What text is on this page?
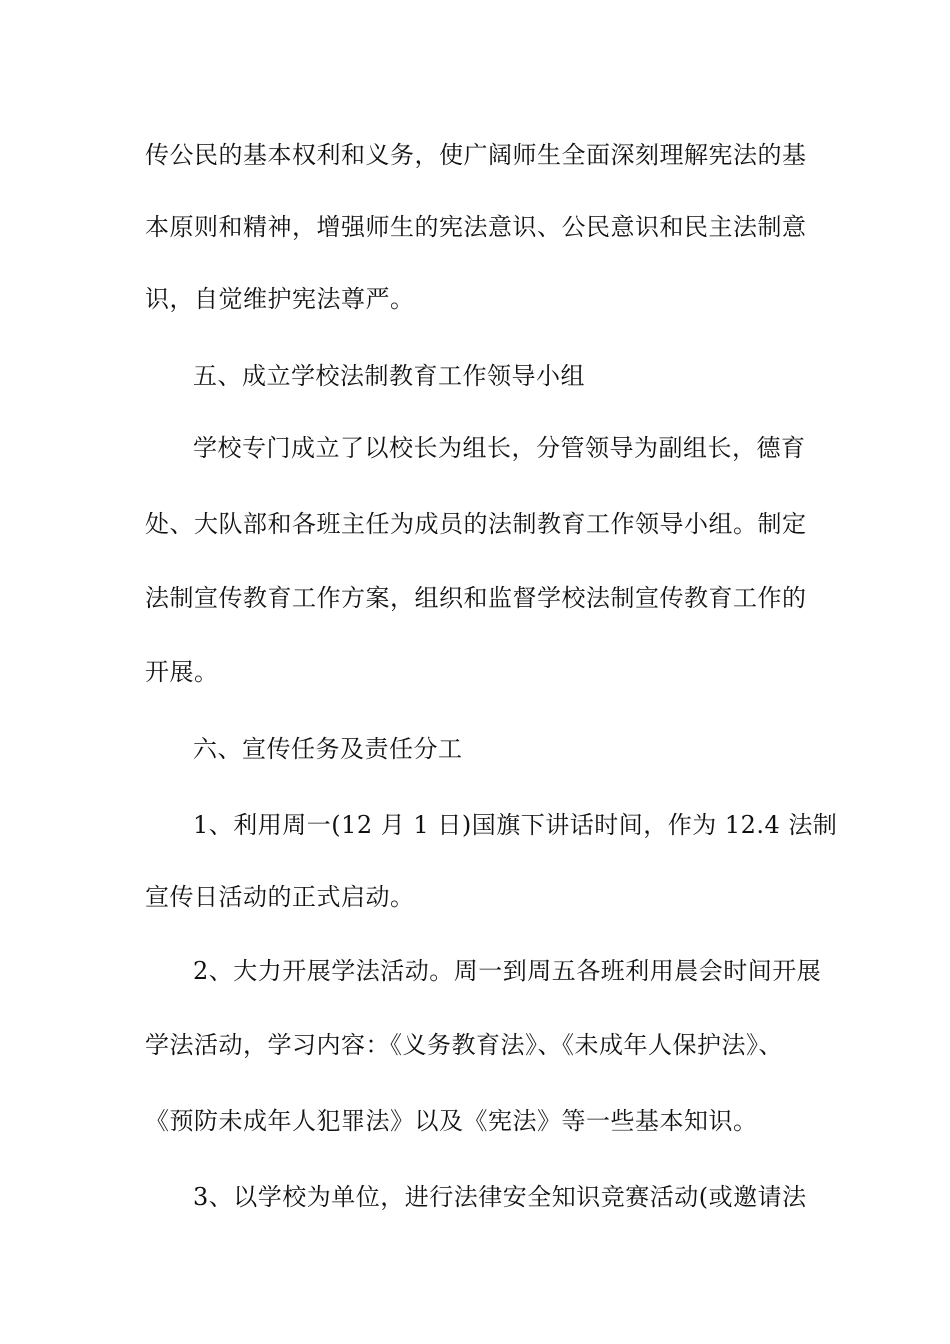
传公民的基本权利和义务，使广阔师生全面深刻理解宪法的基
本原则和精神，增强师生的宪法意识、公民意识和民主法制意
识，自觉维护宪法尊严。
五、成立学校法制教育工作领导小组
学校专门成立了以校长为组长，分管领导为副组长，德育
处、大队部和各班主任为成员的法制教育工作领导小组。制定
法制宣传教育工作方案，组织和监督学校法制宣传教育工作的
开展。
六、宣传任务及责任分工
1、利用周一(12 月 1 日)国旗下讲话时间，作为 12.4 法制
宣传日活动的正式启动。
2、大力开展学法活动。周一到周五各班利用晨会时间开展
学法活动，学习内容：《义务教育法》、《未成年人保护法》、
《预防未成年人犯罪法》以及《宪法》等一些基本知识。
3、以学校为单位，进行法律安全知识竞赛活动(或邀请法
